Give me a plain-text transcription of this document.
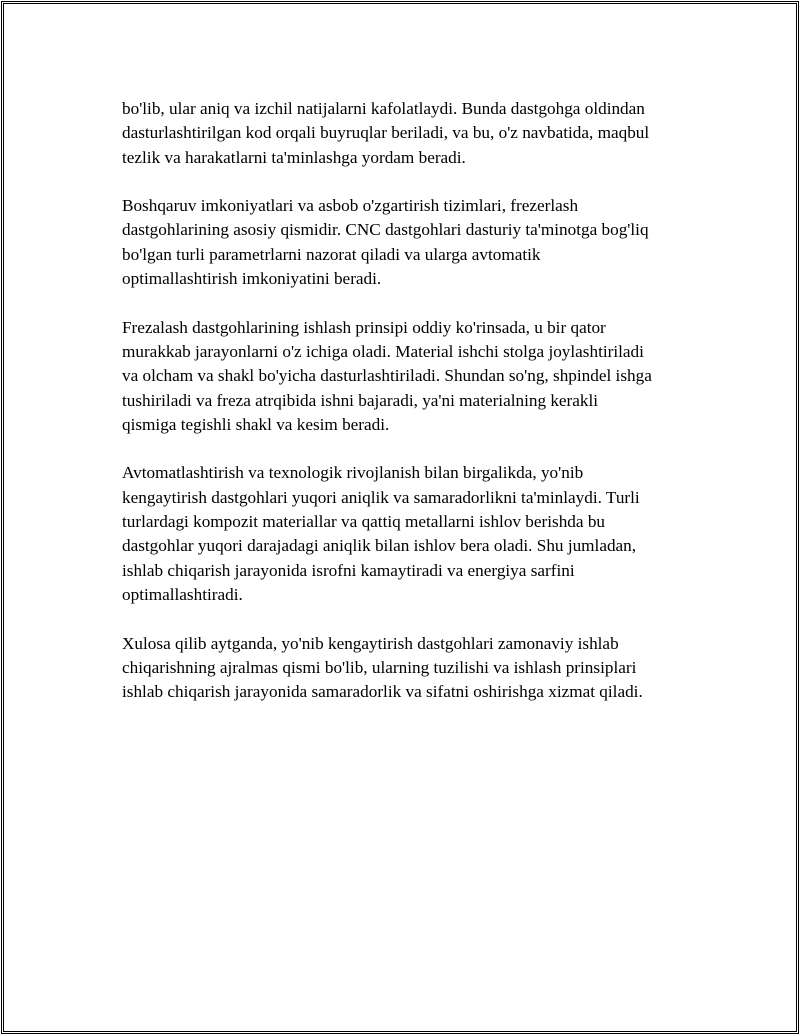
bo'lib, ular aniq va izchil natijalarni kafolatlaydi. Bunda dastgohga oldindan
dasturlashtirilgan kod orqali buyruqlar beriladi, va bu, o'z navbatida, maqbul
tezlik va harakatlarni ta'minlashga yordam beradi.

Boshqaruv imkoniyatlari va asbob o'zgartirish tizimlari, frezerlash
dastgohlarining asosiy qismidir. CNC dastgohlari dasturiy ta'minotga bog'liq
bo'lgan turli parametrlarni nazorat qiladi va ularga avtomatik
optimallashtirish imkoniyatini beradi.

Frezalash dastgohlarining ishlash prinsipi oddiy ko'rinsada, u bir qator
murakkab jarayonlarni o'z ichiga oladi. Material ishchi stolga joylashtiriladi
va olcham va shakl bo'yicha dasturlashtiriladi. Shundan so'ng, shpindel ishga
tushiriladi va freza atrqibida ishni bajaradi, ya'ni materialning kerakli
qismiga tegishli shakl va kesim beradi.

Avtomatlashtirish va texnologik rivojlanish bilan birgalikda, yo'nib
kengaytirish dastgohlari yuqori aniqlik va samaradorlikni ta'minlaydi. Turli
turlardagi kompozit materiallar va qattiq metallarni ishlov berishda bu
dastgohlar yuqori darajadagi aniqlik bilan ishlov bera oladi. Shu jumladan,
ishlab chiqarish jarayonida isrofni kamaytiradi va energiya sarfini
optimallashtiradi.

Xulosa qilib aytganda, yo'nib kengaytirish dastgohlari zamonaviy ishlab
chiqarishning ajralmas qismi bo'lib, ularning tuzilishi va ishlash prinsiplari
ishlab chiqarish jarayonida samaradorlik va sifatni oshirishga xizmat qiladi.
